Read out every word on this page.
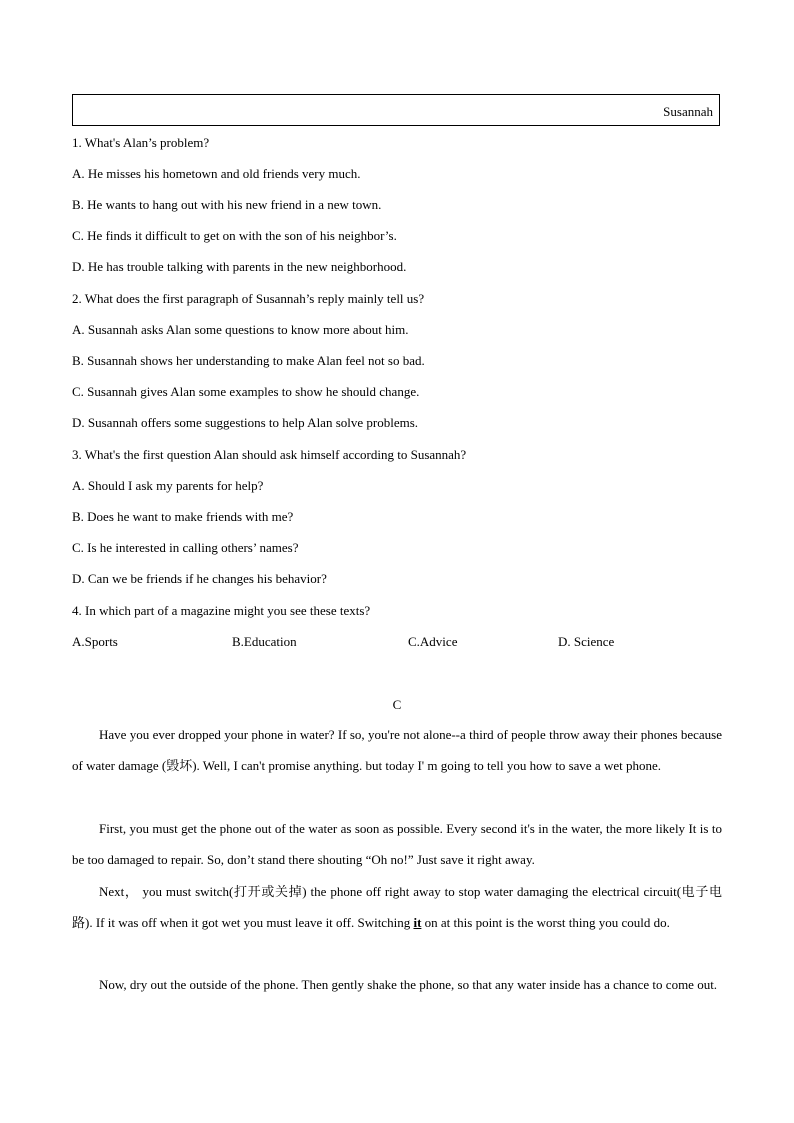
Susannah
1. What's Alan’s problem?
A. He misses his hometown and old friends very much.
B. He wants to hang out with his new friend in a new town.
C. He finds it difficult to get on with the son of his neighbor’s.
D. He has trouble talking with parents in the new neighborhood.
2. What does the first paragraph of Susannah’s reply mainly tell us?
A. Susannah asks Alan some questions to know more about him.
B. Susannah shows her understanding to make Alan feel not so bad.
C. Susannah gives Alan some examples to show he should change.
D. Susannah offers some suggestions to help Alan solve problems.
3. What's the first question Alan should ask himself according to Susannah?
A. Should I ask my parents for help?
B. Does he want to make friends with me?
C. Is he interested in calling others’ names?
D. Can we be friends if he changes his behavior?
4. In which part of a magazine might you see these texts?
A.Sports	B.Education	C.Advice	D. Science
C

Have you ever dropped your phone in water? If so, you're not alone--a third of people throw away their phones because of water damage (毁坏). Well, I can't promise anything. but today I' m going to tell you how to save a wet phone.

First, you must get the phone out of the water as soon as possible. Every second it's in the water, the more likely It is to be too damaged to repair. So, don’t stand there shouting “Oh no!” Just save it right away.

Next， you must switch(打开或关掉) the phone off right away to stop water damaging the electrical circuit(电子电路). If it was off when it got wet you must leave it off. Switching it on at this point is the worst thing you could do.

Now, dry out the outside of the phone. Then gently shake the phone, so that any water inside has a chance to come out.
